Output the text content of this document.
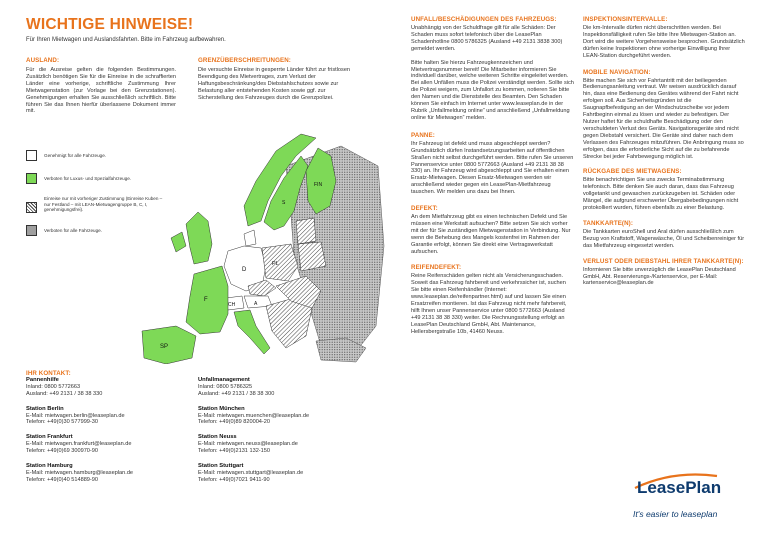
WICHTIGE HINWEISE!
Für Ihren Mietwagen und Auslandsfahrten. Bitte im Fahrzeug aufbewahren.
AUSLAND:
Für die Ausreise gelten die folgenden Bestimmungen. Zusätzlich benötigen Sie für die Einreise in die schraffierten Länder eine vorherige, schriftliche Zustimmung Ihrer Mietwagenstation (zur Vorlage bei den Grenzstationen). Genehmigungen erhalten Sie ausschließlich schriftlich. Bitte führen Sie das Ihnen hierfür überlassene Dokument immer mit.
GRENZÜBERSCHREITUNGEN:
Die versuchte Einreise in gesperrte Länder führt zur fristlosen Beendigung des Mietvertrages, zum Verlust der Haftungsbeschränkung/des Diebstahlschutzes sowie zur Belastung aller entstehenden Kosten sowie ggf. zur Sicherstellung des Fahrzeuges durch die Grenzpolizei.
Genehmigt für alle Fahrzeuge.
Verboten für Luxus- und Spezialfahrzeuge.
Einreise nur mit vorheriger Zustimmung (Einreise Kuben – nur Festland – mit LEAN-Mietwagengruppe B, C, I, genehmigungsfrei).
Verboten für alle Fahrzeuge.
D
PL
F
CH	A
SP
FIN
S
IHR KONTAKT:
Pannenhilfe
Inland: 0800 5772663
Ausland: +49 2131 / 38 38 330
Station Berlin
E-Mail: mietwagen.berlin@leaseplan.de
Telefon: +49(0)30 577999-30
Station Frankfurt
E-Mail: mietwagen.frankfurt@leaseplan.de
Telefon: +49(0)69 300970-90
Station Hamburg
E-Mail: mietwagen.hamburg@leaseplan.de
Telefon: +49(0)40 514889-90
Unfallmanagement
Inland: 0800 5786325
Ausland: +49 2131 / 38 38 300
Station München
E-Mail: mietwagen.muenchen@leaseplan.de
Telefon: +49(0)89 820004-20
Station Neuss
E-Mail: mietwagen.neuss@leaseplan.de
Telefon: +49(0)2131 132-150
Station Stuttgart
E-Mail: mietwagen.stuttgart@leaseplan.de
Telefon: +49(0)7021 9411-90
UNFALL/BESCHÄDIGUNGEN DES FAHRZEUGS:
Unabhängig von der Schuldfrage gilt für alle Schäden: Der Schaden muss sofort telefonisch über die LeasePlan Schadenhotline 0800 5786325 (Ausland +49 2131 3838 300) gemeldet werden.
Bitte halten Sie hierzu Fahrzeugkennzeichen und Mietvertragsnummer bereit! Die Mitarbeiter informieren Sie individuell darüber, welche weiteren Schritte eingeleitet werden. Bei allen Unfällen muss die Polizei verständigt werden. Sollte sich die Polizei weigern, zum Unfallort zu kommen, notieren Sie bitte den Namen und die Dienststelle des Beamten. Den Schaden können Sie einfach im Internet unter www.leaseplan.de in der Rubrik „Unfallmeldung online“ und anschließend „Unfallmeldung online für Mietwagen“ melden.
PANNE:
Ihr Fahrzeug ist defekt und muss abgeschleppt werden? Grundsätzlich dürfen Instandsetzungsarbeiten auf öffentlichen Straßen nicht selbst durchgeführt werden. Bitte rufen Sie unseren Pannenservice unter 0800 5772663 (Ausland +49 2131 38 38 330) an. Ihr Fahrzeug wird abgeschleppt und Sie erhalten einen Ersatz-Mietwagen. Diesen Ersatz-Mietwagen werden wir anschließend wieder gegen ein LeasePlan-Mietfahrzeug tauschen. Wir melden uns dazu bei Ihnen.
DEFEKT:
An dem Mietfahrzeug gibt es einen technischen Defekt und Sie müssen eine Werkstatt aufsuchen? Bitte setzen Sie sich vorher mit der für Sie zuständigen Mietwagenstation in Verbindung. Nur wenn die Behebung des Mangels kostenfrei im Rahmen der Garantie erfolgt, können Sie direkt eine Vertragswerkstatt aufsuchen.
REIFENDEFEKT:
Reine Reifenschäden gelten nicht als Versicherungsschaden. Soweit das Fahrzeug fahrbereit und verkehrssicher ist, suchen Sie bitte einen Reifenhändler (Internet: www.leaseplan.de/reifenpartner.html) auf und lassen Sie einen Ersatzreifen montieren. Ist das Fahrzeug nicht mehr fahrbereit, hilft Ihnen unser Pannenservice unter 0800 5772663 (Ausland +49 2131 38 38 330) weiter. Die Rechnungsstellung erfolgt an LeasePlan Deutschland GmbH, Abt. Maintenance, Hellersbergstraße 10b, 41460 Neuss.
INSPEKTIONSINTERVALLE:
Die km-Intervalle dürfen nicht überschritten werden. Bei Inspektionsfälligkeit rufen Sie bitte Ihre Mietwagen-Station an. Dort wird die weitere Vorgehensweise besprochen. Grundsätzlich dürfen keine Inspektionen ohne vorherige Einwilligung Ihrer LEAN-Station durchgeführt werden.
MOBILE NAVIGATION:
Bitte machen Sie sich vor Fahrtantritt mit der beiliegenden Bedienungsanleitung vertraut. Wir weisen ausdrücklich darauf hin, dass eine Bedienung des Gerätes während der Fahrt nicht erfolgen soll. Aus Sicherheitsgründen ist die Saugnapfbefestigung an der Windschutzscheibe vor jedem Fahrtbeginn einmal zu lösen und wieder zu befestigen. Der Nutzer haftet für die schuldhafte Beschädigung oder den verschuldeten Verlust des Geräts. Navigationsgeräte sind nicht gegen Diebstahl versichert. Die Geräte sind daher nach dem Verlassen des Fahrzeuges mitzuführen. Die Anbringung muss so erfolgen, dass die erforderliche Sicht auf die zu befahrende Strecke bei jeder Fahrbewegung möglich ist.
RÜCKGABE DES MIETWAGENS:
Bitte benachrichtigen Sie uns zwecks Terminabstimmung telefonisch. Bitte denken Sie auch daran, dass das Fahrzeug vollgetankt und gewaschen zurückzugeben ist. Schäden oder Mängel, die aufgrund erschwerter Übergabebedingungen nicht protokolliert wurden, führen ebenfalls zu einer Belastung.
TANKKARTE(N):
Die Tankkarten euroShell und Aral dürfen ausschließlich zum Bezug von Kraftstoff, Wagenwäsche, Öl und Scheibenreiniger für das Mietfahrzeug eingesetzt werden.
VERLUST ODER DIEBSTAHL IHRER TANKKARTE(N):
Informieren Sie bitte unverzüglich die LeasePlan Deutschland GmbH, Abt. Reservierungs-/Kartenservice, per E-Mail: kartenservice@leaseplan.de
LeasePlan
It's easier to leaseplan
